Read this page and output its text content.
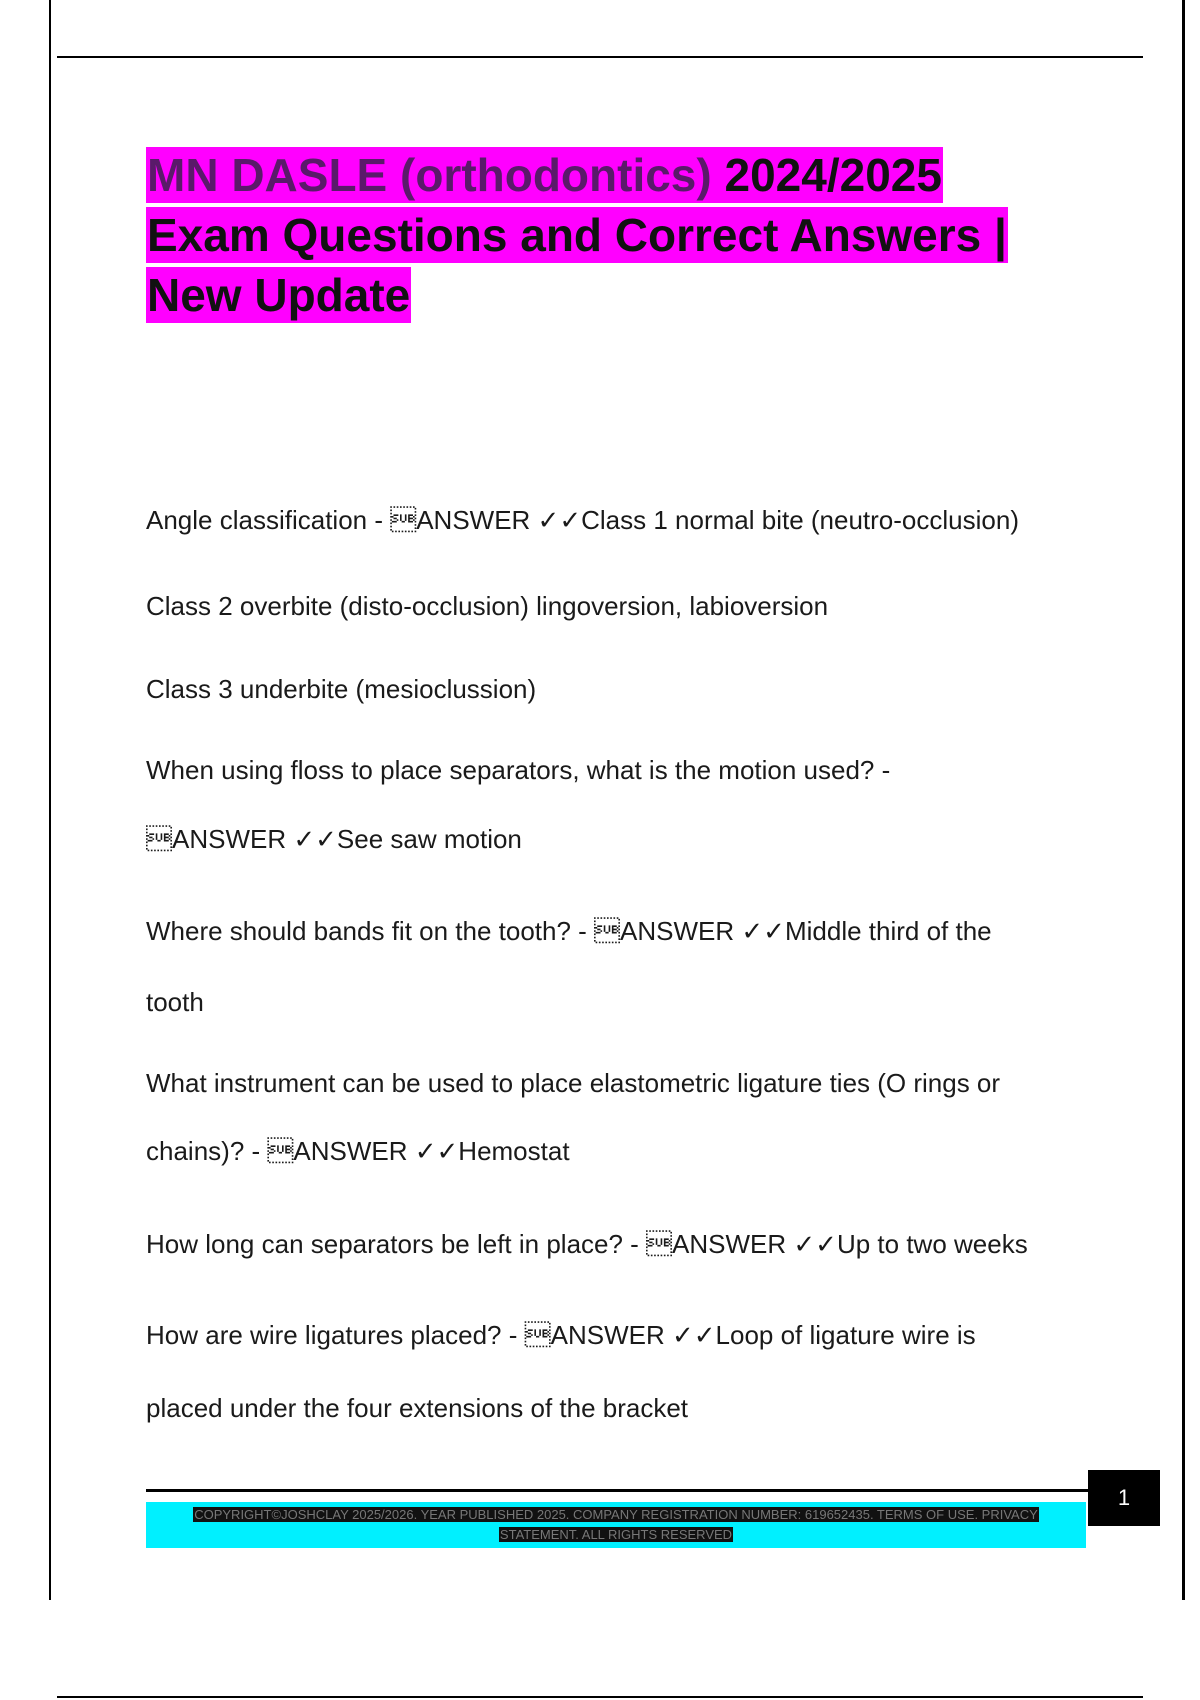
MN DASLE (orthodontics) 2024/2025
Exam Questions and Correct Answers |
New Update
Angle classification - ANSWER ✓✓Class 1 normal bite (neutro-occlusion)
Class 2 overbite (disto-occlusion) lingoversion, labioversion
Class 3 underbite (mesioclussion)
When using floss to place separators, what is the motion used? -
ANSWER ✓✓See saw motion
Where should bands fit on the tooth? - ANSWER ✓✓Middle third of the
tooth
What instrument can be used to place elastometric ligature ties (O rings or
chains)? - ANSWER ✓✓Hemostat
How long can separators be left in place? - ANSWER ✓✓Up to two weeks
How are wire ligatures placed? - ANSWER ✓✓Loop of ligature wire is
placed under the four extensions of the bracket
COPYRIGHT©JOSHCLAY 2025/2026. YEAR PUBLISHED 2025. COMPANY REGISTRATION NUMBER: 619652435. TERMS OF USE. PRIVACY
STATEMENT. ALL RIGHTS RESERVED
1
